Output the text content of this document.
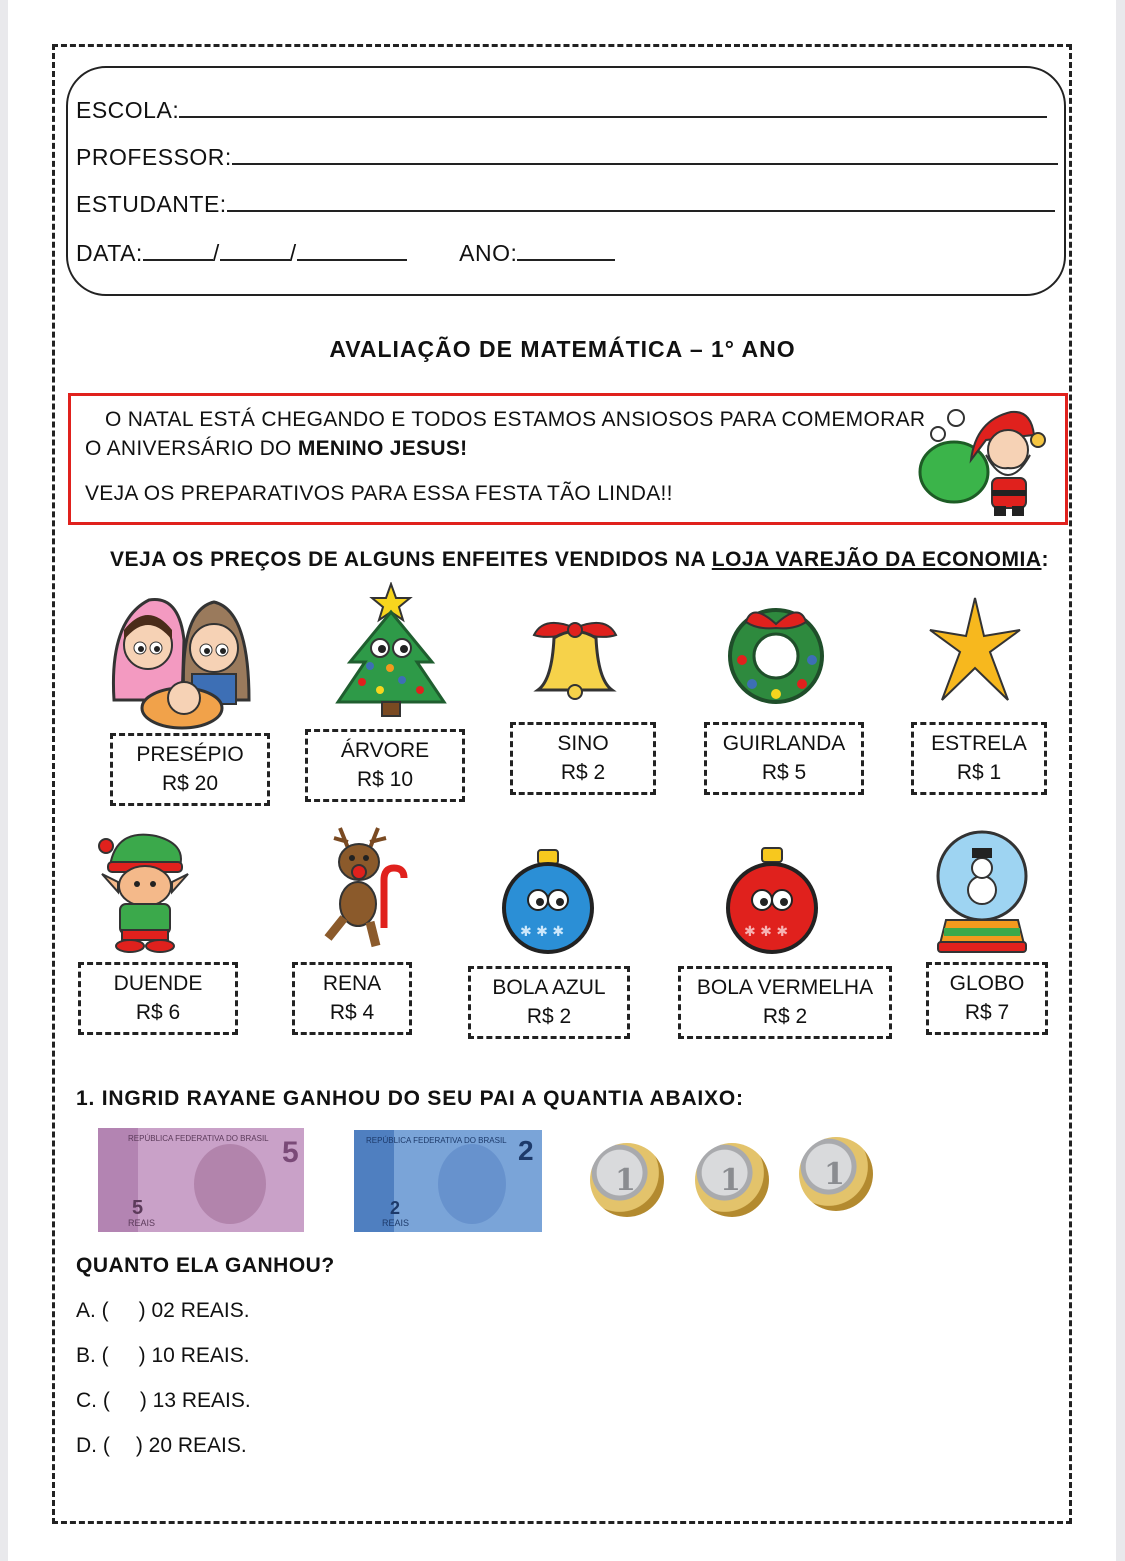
ESCOLA:
PROFESSOR:
ESTUDANTE:
DATA:	/	/	ANO:
AVALIAÇÃO DE MATEMÁTICA – 1° ANO
O NATAL ESTÁ CHEGANDO E TODOS ESTAMOS ANSIOSOS PARA COMEMORAR
O ANIVERSÁRIO DO MENINO JESUS!
VEJA OS PREPARATIVOS PARA ESSA FESTA TÃO LINDA!!
VEJA OS PREÇOS DE ALGUNS ENFEITES VENDIDOS NA LOJA VAREJÃO DA ECONOMIA:
PRESÉPIO
R$ 20
ÁRVORE
R$ 10
SINO
R$ 2
GUIRLANDA
R$ 5
ESTRELA
R$ 1
✱ ✱ ✱	✱ ✱ ✱
DUENDE
R$ 6
RENA
R$ 4
BOLA AZUL
R$ 2
BOLA VERMELHA
R$ 2
GLOBO
R$ 7
1. INGRID RAYANE GANHOU DO SEU PAI A QUANTIA ABAIXO:
REPÚBLICA FEDERATIVA DO BRASIL 5
5
REAIS
REPÚBLICA FEDERATIVA DO BRASIL 2
2
REAIS
1	1	1
QUANTO ELA GANHOU?
A. ( ) 02 REAIS.
B. ( ) 10 REAIS.
C. ( ) 13 REAIS.
D. ( ) 20 REAIS.
